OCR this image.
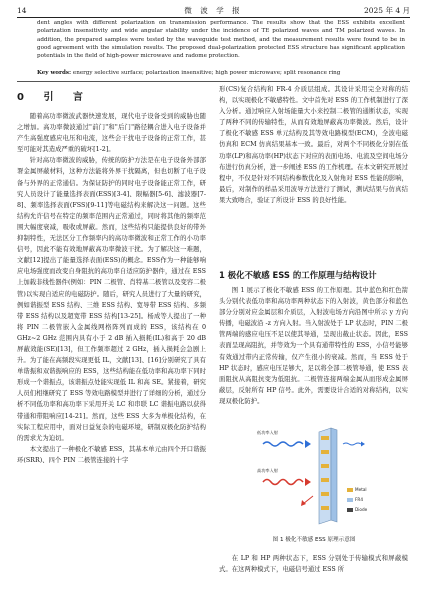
14	微 波 学 报	2025 年 4 月

dent angles with different polarization on transmission performance. The results show that the ESS exhibits excellent polarization insensitivity and wide angular stability under the incidence of TE polarized waves and TM polarized waves. In addition, the prepared samples were tested by the waveguide test method, and the measurement results were found to be in good agreement with the simulation results. The proposed dual-polarization protected ESS structure has significant application potentials in the field of high-power microwave and radome protection.

Key words: energy selective surface; polarization insensitive; high power microwave; split resonance ring
0 引 言

随着高功率微波武器快速发展，现代电子设备受到的威胁也随之增加。高功率微波通过"前门"和"后门"路径耦合进入电子设备并产生高强度感应电压和电流，这些会干扰电子设备的正常工作，甚至可能对其造成严重的破坏[1-2]。

针对高功率微波的威胁，传统的防护方法是在电子设备外部部署金属屏蔽材料，这种方法能将外界干扰隔离，但也切断了电子设备与外界的正常通信。为保证防护的同时电子设备能正常工作，研究人员设计了能量选择表面(ESS)[3-4]、限幅器[5-6]、滤波器[7-8]、频率选择表面(FSS)[9-11]等电磁结构来解决这一问题。这些结构允许信号在特定的频率范围内正常通过，同时将其他的频率范围大幅度衰减，吸收或屏蔽。然而，这些结构只能提供良好的带外抑制特性，无法区分工作频率内的高功率微波和正常工作的小功率信号，因此不能有效地屏蔽高功率微波干扰。为了解决这一难题，文献[12]提出了能量选择表面(ESS)的概念。ESS作为一种能够响应电场强度而改变自身阻抗的高功率自适应防护器件，通过在 ESS 上加载非线性器件(例如：PIN 二极管、肖特基二极管以及变容二极管)以实现自适应的电磁防护。随后，研究人员进行了大量的研究，例如谐振型 ESS 结构、三维 ESS 结构、宽导带 ESS 结构、多频带 ESS 结构以及超宽带 ESS 结构[13-25]。杨成等人提出了一种将 PIN 二极管嵌入金属线网格阵列而成的 ESS，该结构在 0 GHz~2 GHz 范围内具有小于 2 dB 插入损耗(IL)和高于 20 dB 屏蔽效能(SE)[13]，但工作频率超过 2 GHz，插入损耗会急剧上升。为了能在高频段实现更低 IL，文献[13]、[16]分别研究了具有单谐振和双谐振响应的 ESS，这些结构能在低功率和高功率下同时形成一个谐振点，该谐振点处能实现低 IL 和高 SE。紧接着，研究人员们相继研究了 ESS 等效电路模型并进行了详细的分析，通过分析不同低功率和高功率下采用开关 LC 和串联 LC 谐振电路以获得带通和带阻响应[14-21]。然而，这些 ESS 大多为单极化结构，在实际工程应用中，面对日益复杂的电磁环境，研制双极化防护结构的需求尤为迫切。

本文提出了一种极化不敏感 ESS，其基本单元由四个开口谐振环(SRR)、四个 PIN 二极管连接的十字

形(CS)复合结构和 FR-4 介质层组成。其设计采用完全对称的结构，以实现极化不敏感特性。文中首先对 ESS 的工作机制进行了深入分析。通过响应入射场能量大小来控制二极管的通断状态，实现了两种不同的传输特性，从而有效地屏蔽高功率微波。然后，设计了极化不敏感 ESS 单元结构及其等效电路模型(ECM)，全波电磁仿真和 ECM 仿真结果基本一致。最后，对两个不同极化分别在低功率(LP)和高功率(HP)状态下对应的表面电场、电流及空间电场分布进行仿真分析，进一步阐述 ESS 的工作机理。在本文研究开展过程中，不仅是针对不同结构参数优化及入射角对 ESS 性能的影响，最后，对制作的样品采用波导方法进行了测试，测试结果与仿真结果大致吻合，验证了所设计 ESS 的良好性能。

1 极化不敏感 ESS 的工作原理与结构设计

图 1 展示了极化不敏感 ESS 的工作原理。其中蓝色和红色箭头分别代表低功率和高功率两种状态下的入射波，黄色部分和蓝色部分分别对应金属层和介质层，入射波电场方向沿图中所示 y 方向传播，电磁波沿 -z 方向入射。当入射波处于 LP 状态时，PIN 二极管两端的感应电压不足以使其导通，呈现出截止状态。因此，ESS 表面呈现高阻抗，并等效为一个具有通带特性的 ESS，小信号能够有效通过带内正常传输，仅产生很小的衰减。然而，当 ESS 处于 HP 状态时，感应电压足够大，足以将全部二极管导通，使 ESS 表面阻抗从高阻抗变为低阻抗。二极管连接两端金属从而形成金属屏蔽层，反射所有 HP 信号。此外，需要设计合适的对称结构，以实现双极化防护。

低功率入射
高功率入射
Metal
FR4
Diode
图 1 极化不敏感 ESS 原理示意图

在 LP 和 HP 两种状态下，ESS 分别处于传输模式和屏蔽模式。在这两种模式下，电磁信号通过 ESS 所
